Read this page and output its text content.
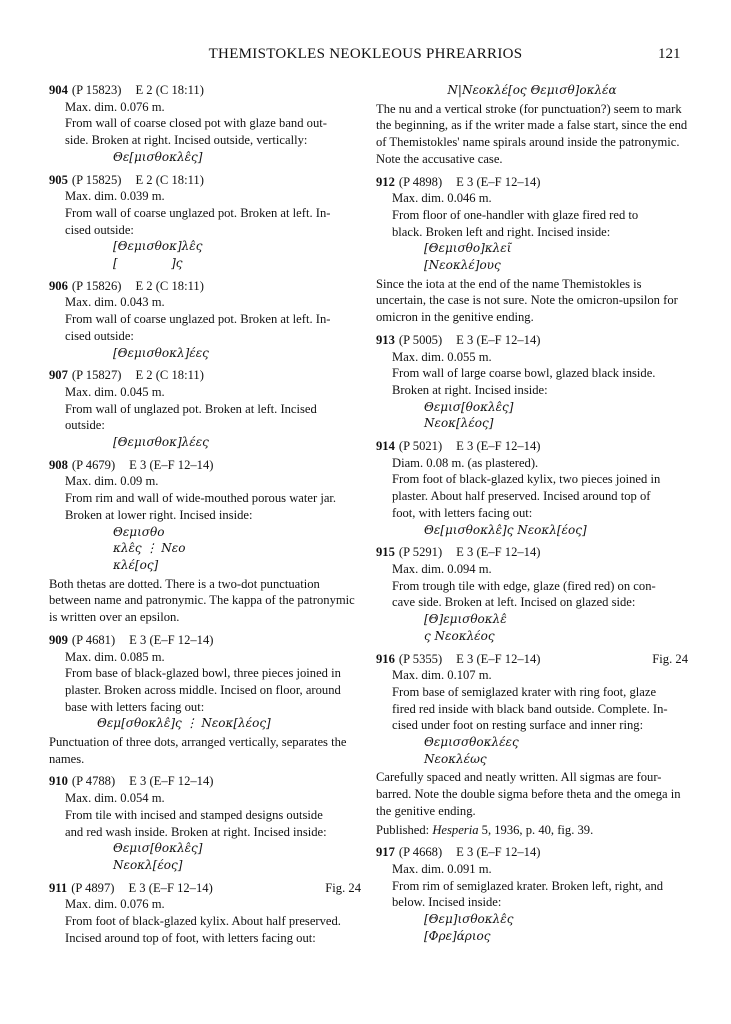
THEMISTOKLES NEOKLEOUS PHREARRIOS	121
904 (P 15823) E 2 (C 18:11)
Max. dim. 0.076 m.
From wall of coarse closed pot with glaze band out-
side. Broken at right. Incised outside, vertically:
Θε[μισθοκλε̂ς]
905 (P 15825) E 2 (C 18:11)
Max. dim. 0.039 m.
From wall of coarse unglazed pot. Broken at left. In-
cised outside:
[Θεμισθοκ]λε̂ς
[              ]ς
906 (P 15826) E 2 (C 18:11)
Max. dim. 0.043 m.
From wall of coarse unglazed pot. Broken at left. In-
cised outside:
[Θεμισθοκλ]έες
907 (P 15827) E 2 (C 18:11)
Max. dim. 0.045 m.
From wall of unglazed pot. Broken at left. Incised
outside:
[Θεμισθοκ]λέες
908 (P 4679) E 3 (E–F 12–14)
Max. dim. 0.09 m.
From rim and wall of wide-mouthed porous water jar.
Broken at lower right. Incised inside:
Θεμισθο
κλε̂ς ⋮ Νεο
κλέ[ος]
Both thetas are dotted. There is a two-dot punctuation between name and patronymic. The kappa of the patronymic is written over an epsilon.
909 (P 4681) E 3 (E–F 12–14)
Max. dim. 0.085 m.
From base of black-glazed bowl, three pieces joined in
plaster. Broken across middle. Incised on floor, around
base with letters facing out:
Θεμ[σθοκλε̂]ς ⋮ Νεοκ[λέος]
Punctuation of three dots, arranged vertically, separates the names.
910 (P 4788) E 3 (E–F 12–14)
Max. dim. 0.054 m.
From tile with incised and stamped designs outside
and red wash inside. Broken at right. Incised inside:
Θεμισ[θοκλε̂ς]
Νεοκλ[έος]
911 (P 4897) E 3 (E–F 12–14)	Fig. 24
Max. dim. 0.076 m.
From foot of black-glazed kylix. About half preserved.
Incised around top of foot, with letters facing out:
Ν|Νεοκλέ[ος Θεμισθ]οκλέα
The nu and a vertical stroke (for punctuation?) seem to mark the beginning, as if the writer made a false start, since the end of Themistokles' name spirals around inside the patronymic. Note the accusative case.
912 (P 4898) E 3 (E–F 12–14)
Max. dim. 0.046 m.
From floor of one-handler with glaze fired red to
black. Broken left and right. Incised inside:
[Θεμισθο]κλεῖ
[Νεοκλέ]ους
Since the iota at the end of the name Themistokles is uncertain, the case is not sure. Note the omicron-upsilon for omicron in the genitive ending.
913 (P 5005) E 3 (E–F 12–14)
Max. dim. 0.055 m.
From wall of large coarse bowl, glazed black inside.
Broken at right. Incised inside:
Θεμισ[θοκλε̂ς]
Νεοκ[λέος]
914 (P 5021) E 3 (E–F 12–14)
Diam. 0.08 m. (as plastered).
From foot of black-glazed kylix, two pieces joined in
plaster. About half preserved. Incised around top of
foot, with letters facing out:
Θε[μισθοκλε̂]ς Νεοκλ[έος]
915 (P 5291) E 3 (E–F 12–14)
Max. dim. 0.094 m.
From trough tile with edge, glaze (fired red) on con-
cave side. Broken at left. Incised on glazed side:
[Θ]εμισθοκλε̂
ς Νεοκλέος
916 (P 5355) E 3 (E–F 12–14)	Fig. 24
Max. dim. 0.107 m.
From base of semiglazed krater with ring foot, glaze
fired red inside with black band outside. Complete. In-
cised under foot on resting surface and inner ring:
Θεμισσθοκλέες
Νεοκλέως
Carefully spaced and neatly written. All sigmas are four-barred. Note the double sigma before theta and the omega in the genitive ending.
Published: Hesperia 5, 1936, p. 40, fig. 39.
917 (P 4668) E 3 (E–F 12–14)
Max. dim. 0.091 m.
From rim of semiglazed krater. Broken left, right, and
below. Incised inside:
[Θεμ]ισθοκλε̂ς
[Φρε]άριος
